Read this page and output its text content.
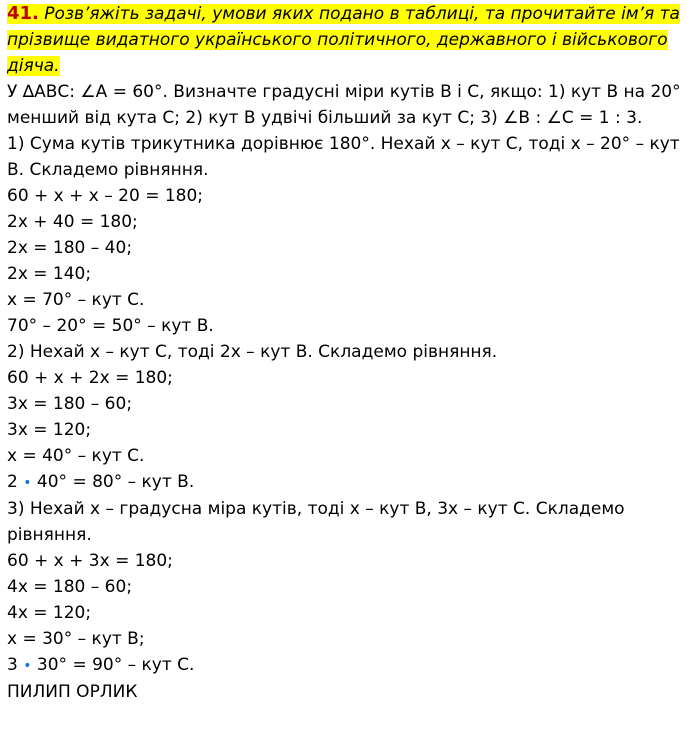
41. Розв’яжіть задачі, умови яких подано в таблиці, та прочитайте ім’я та прізвище видатного українського політичного, державного і військового діяча.

У ∆АВС: ∠А = 60°. Визначте градусні міри кутів В і С, якщо: 1) кут В на 20° менший від кута С; 2) кут В удвічі більший за кут С; 3) ∠В : ∠С = 1 : 3.

1) Сума кутів трикутника дорівнює 180°. Нехай х – кут С, тоді х – 20° – кут В. Складемо рівняння.

60 + х + х – 20 = 180;

2х + 40 = 180;

2х = 180 – 40;

2х = 140;

х = 70° – кут С.

70° – 20° = 50° – кут В.

2) Нехай х – кут С, тоді 2х – кут В. Складемо рівняння.

60 + х + 2х = 180;

3х = 180 – 60;

3х = 120;

х = 40° – кут С.

2 • 40° = 80° – кут В.

3) Нехай х – градусна міра кутів, тоді х – кут В, 3х – кут С. Складемо рівняння.

60 + х + 3х = 180;

4х = 180 – 60;

4х = 120;

х = 30° – кут В;

3 • 30° = 90° – кут С.

ПИЛИП ОРЛИК
